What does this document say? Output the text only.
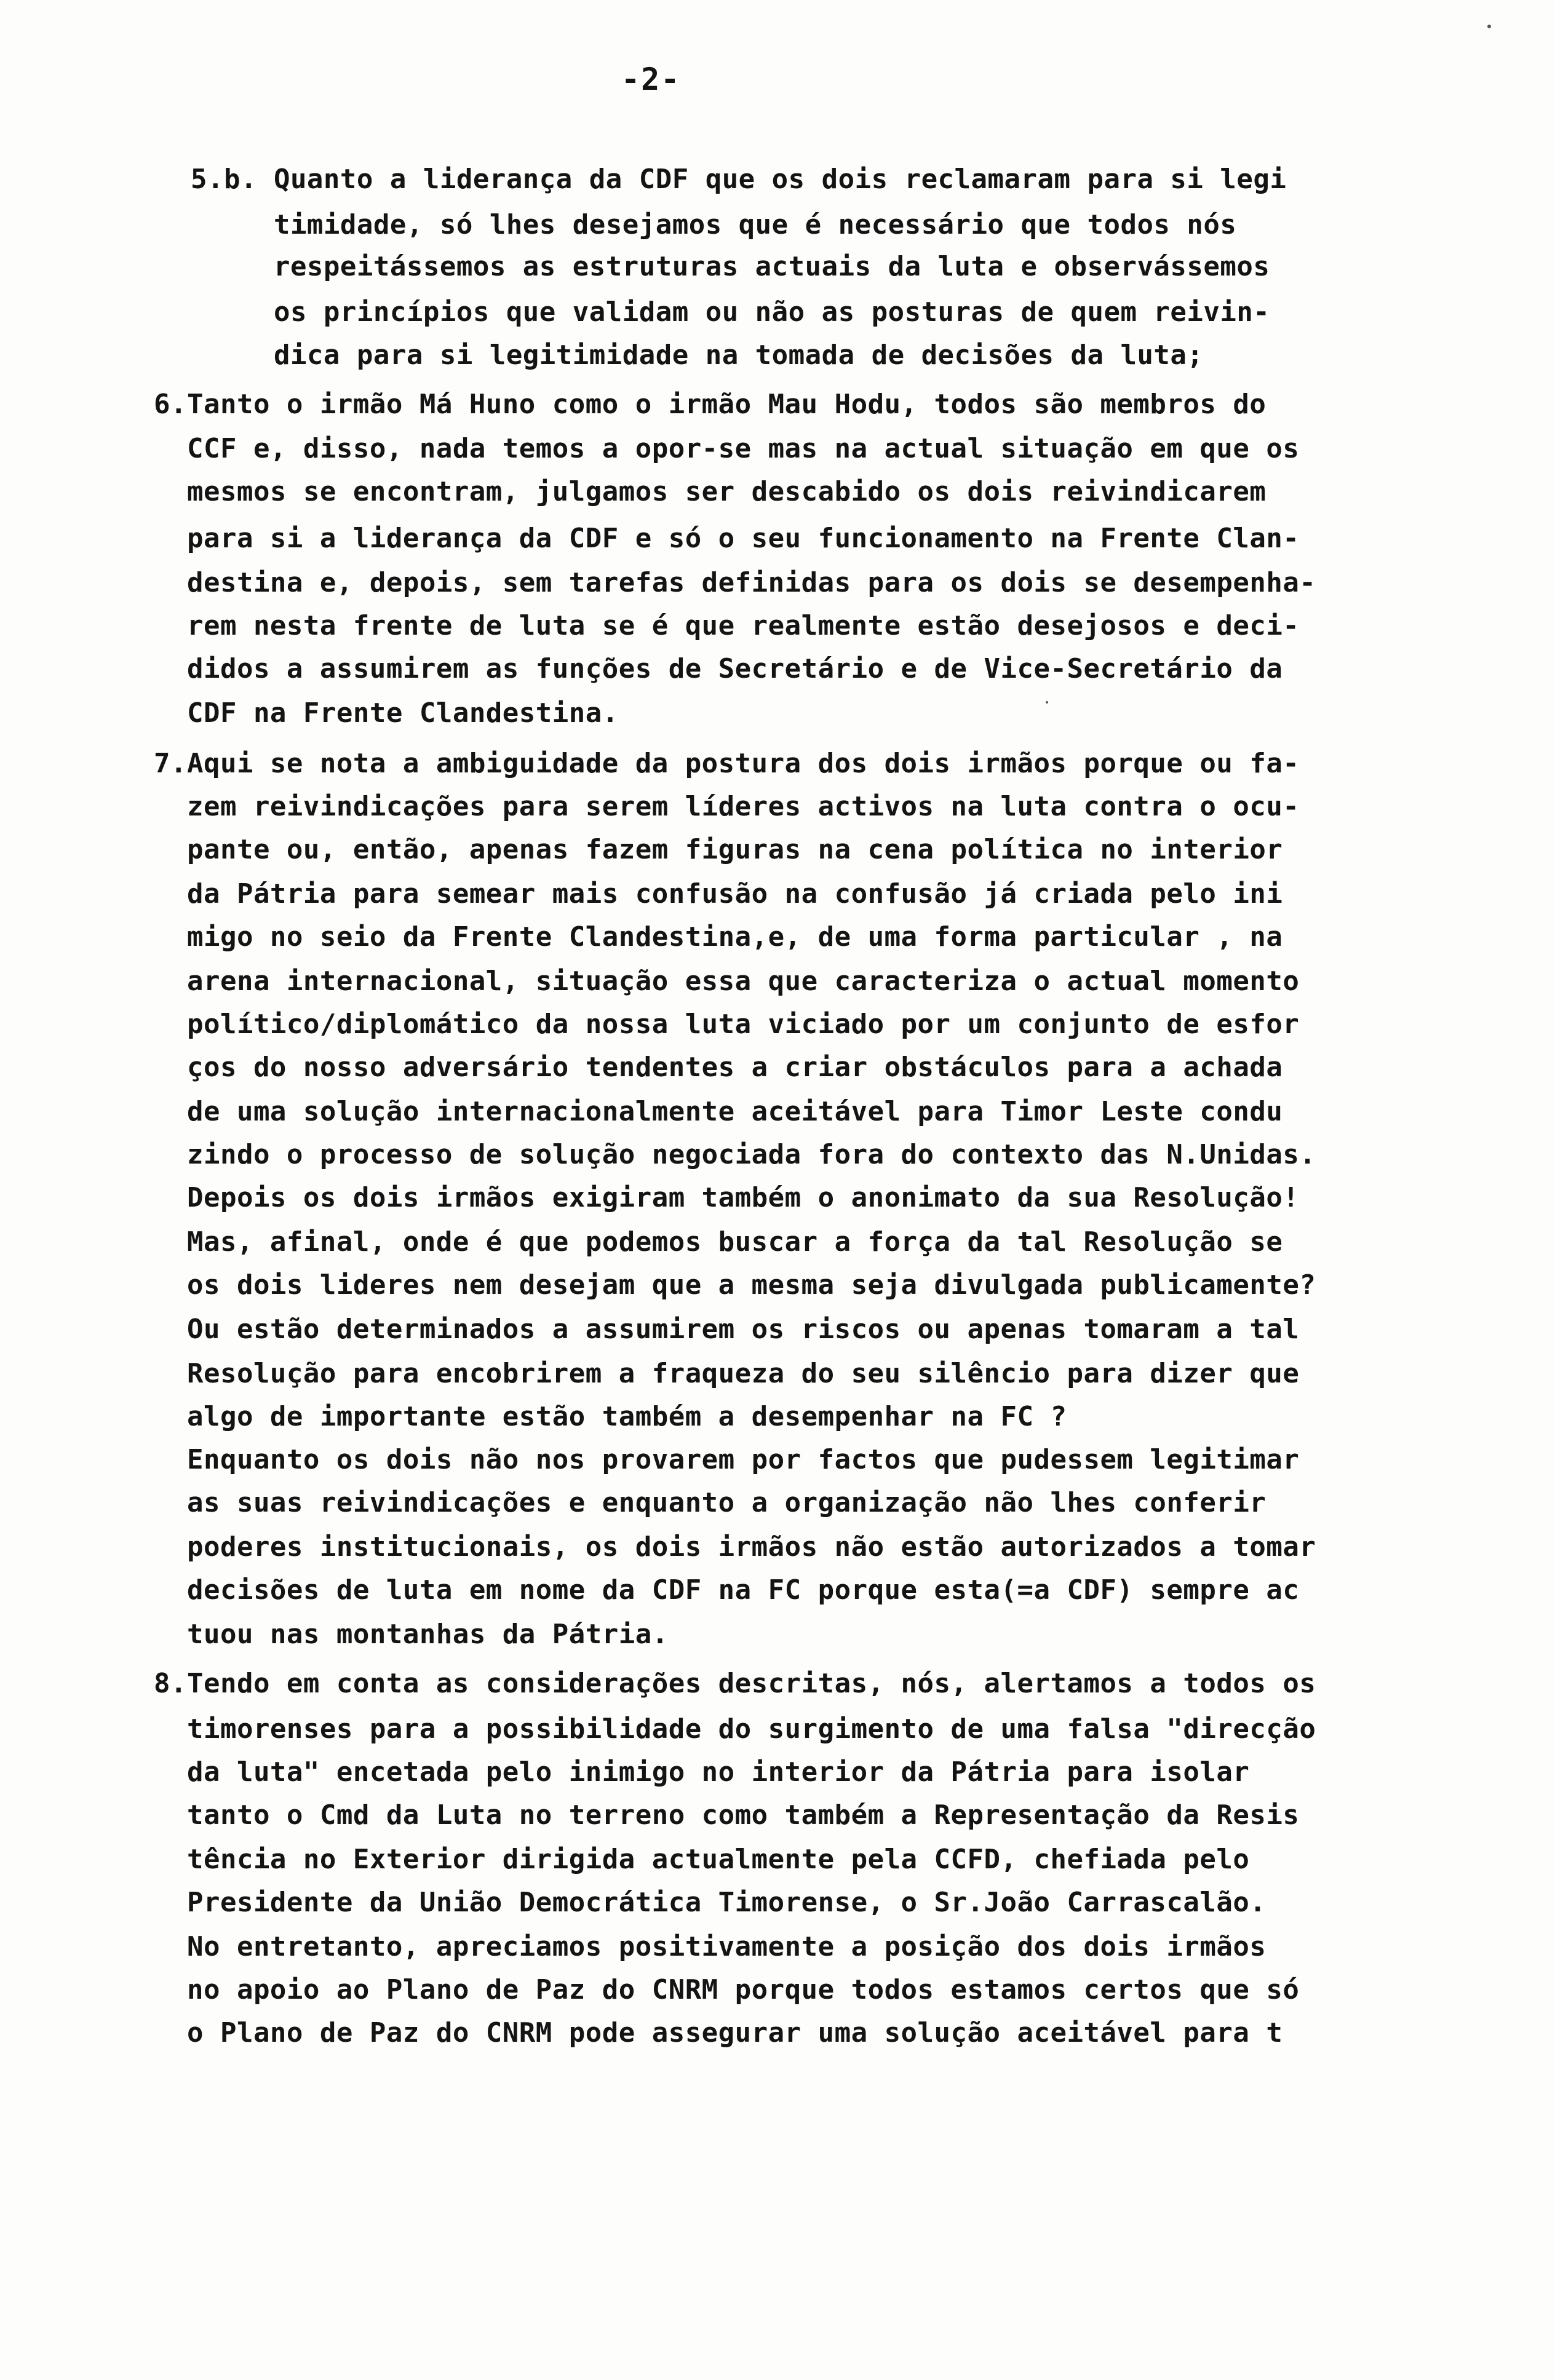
-2-
5.b. Quanto a liderança da CDF que os dois reclamaram para si legi
timidade, só lhes desejamos que é necessário que todos nós
respeitássemos as estruturas actuais da luta e observássemos
os princípios que validam ou não as posturas de quem reivin-
dica para si legitimidade na tomada de decisões da luta;
6.Tanto o irmão Má Huno como o irmão Mau Hodu, todos são membros do
CCF e, disso, nada temos a opor-se mas na actual situação em que os
mesmos se encontram, julgamos ser descabido os dois reivindicarem
para si a liderança da CDF e só o seu funcionamento na Frente Clan-
destina e, depois, sem tarefas definidas para os dois se desempenha-
rem nesta frente de luta se é que realmente estão desejosos e deci-
didos a assumirem as funções de Secretário e de Vice-Secretário da
CDF na Frente Clandestina.
7.Aqui se nota a ambiguidade da postura dos dois irmãos porque ou fa-
zem reivindicações para serem líderes activos na luta contra o ocu-
pante ou, então, apenas fazem figuras na cena política no interior
da Pátria para semear mais confusão na confusão já criada pelo ini
migo no seio da Frente Clandestina,e, de uma forma particular , na
arena internacional, situação essa que caracteriza o actual momento
político/diplomático da nossa luta viciado por um conjunto de esfor
ços do nosso adversário tendentes a criar obstáculos para a achada
de uma solução internacionalmente aceitável para Timor Leste condu
zindo o processo de solução negociada fora do contexto das N.Unidas.
Depois os dois irmãos exigiram também o anonimato da sua Resolução!
Mas, afinal, onde é que podemos buscar a força da tal Resolução se
os dois lideres nem desejam que a mesma seja divulgada publicamente?
Ou estão determinados a assumirem os riscos ou apenas tomaram a tal
Resolução para encobrirem a fraqueza do seu silêncio para dizer que
algo de importante estão também a desempenhar na FC ?
Enquanto os dois não nos provarem por factos que pudessem legitimar
as suas reivindicações e enquanto a organização não lhes conferir
poderes institucionais, os dois irmãos não estão autorizados a tomar
decisões de luta em nome da CDF na FC porque esta(=a CDF) sempre ac
tuou nas montanhas da Pátria.
8.Tendo em conta as considerações descritas, nós, alertamos a todos os
timorenses para a possibilidade do surgimento de uma falsa "direcção
da luta" encetada pelo inimigo no interior da Pátria para isolar
tanto o Cmd da Luta no terreno como também a Representação da Resis
tência no Exterior dirigida actualmente pela CCFD, chefiada pelo
Presidente da União Democrática Timorense, o Sr.João Carrascalão.
No entretanto, apreciamos positivamente a posição dos dois irmãos
no apoio ao Plano de Paz do CNRM porque todos estamos certos que só
o Plano de Paz do CNRM pode assegurar uma solução aceitável para t
